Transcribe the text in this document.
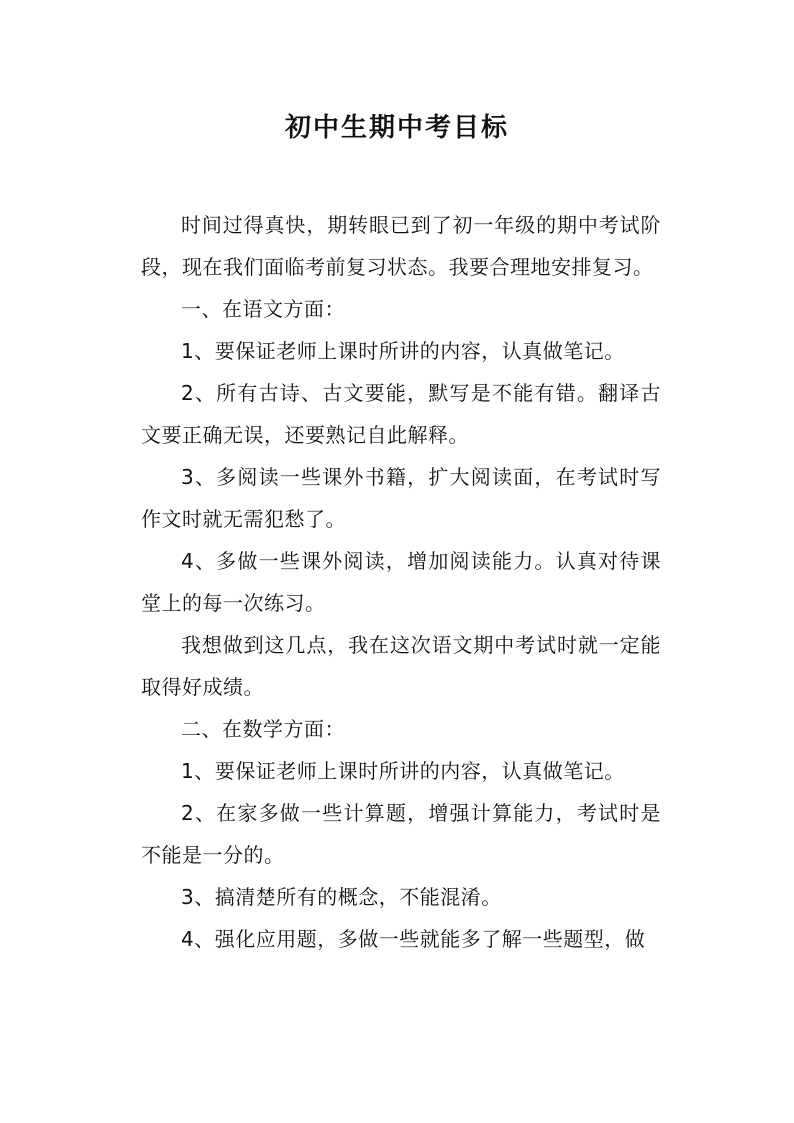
初中生期中考目标

时间过得真快，期转眼已到了初一年级的期中考试阶段，现在我们面临考前复习状态。我要合理地安排复习。

一、在语文方面：

1、要保证老师上课时所讲的内容，认真做笔记。

2、所有古诗、古文要能，默写是不能有错。翻译古文要正确无误，还要熟记自此解释。

3、多阅读一些课外书籍，扩大阅读面，在考试时写作文时就无需犯愁了。

4、多做一些课外阅读，增加阅读能力。认真对待课堂上的每一次练习。

我想做到这几点，我在这次语文期中考试时就一定能取得好成绩。

二、在数学方面：

1、要保证老师上课时所讲的内容，认真做笔记。

2、在家多做一些计算题，增强计算能力，考试时是不能是一分的。

3、搞清楚所有的概念，不能混淆。

4、强化应用题，多做一些就能多了解一些题型，做
